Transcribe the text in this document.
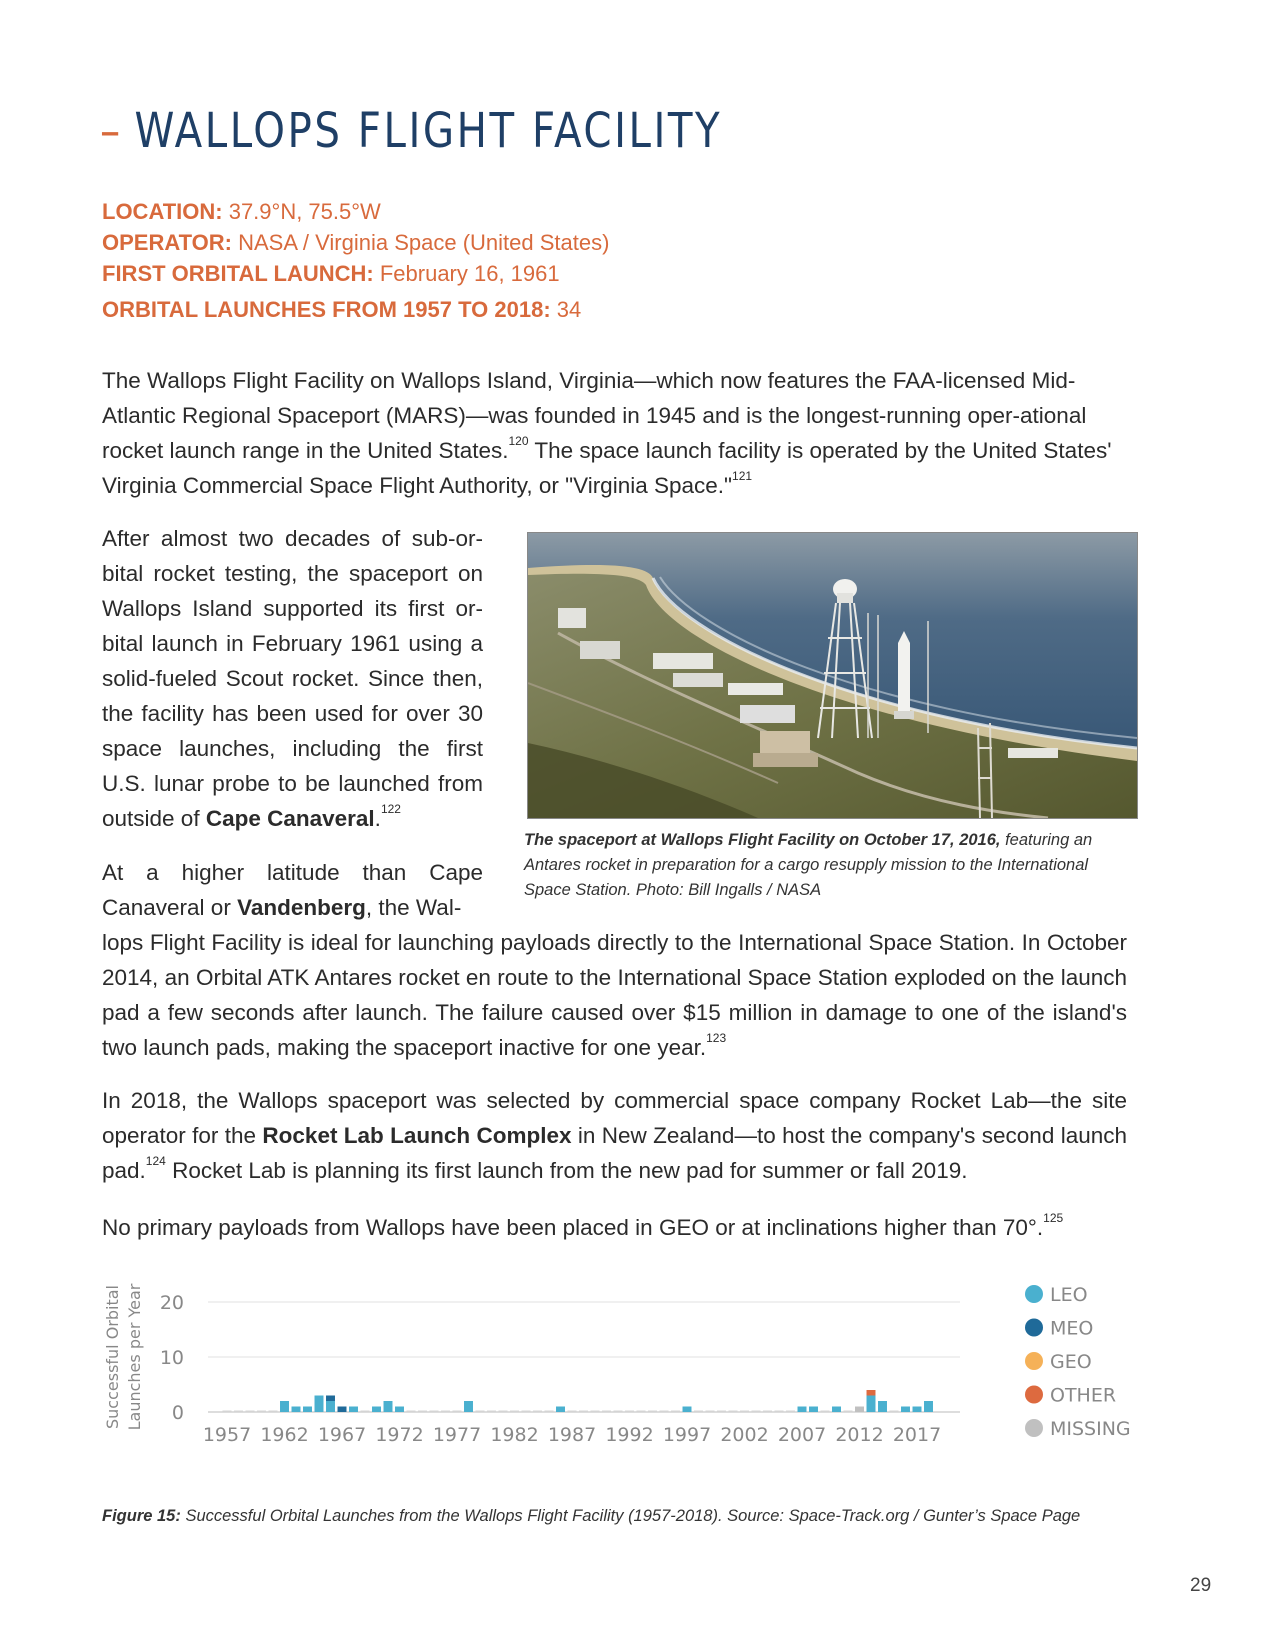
– WALLOPS FLIGHT FACILITY
LOCATION: 37.9°N, 75.5°W
OPERATOR: NASA / Virginia Space (United States)
FIRST ORBITAL LAUNCH: February 16, 1961
ORBITAL LAUNCHES FROM 1957 TO 2018: 34

The Wallops Flight Facility on Wallops Island, Virginia—which now features the FAA-licensed Mid-Atlantic Regional Spaceport (MARS)—was founded in 1945 and is the longest-running oper-ational rocket launch range in the United States.$^{120}$ The space launch facility is operated by the United States' Virginia Commercial Space Flight Authority, or "Virginia Space."$^{121}$

After almost two decades of sub-or-bital rocket testing, the spaceport on Wallops Island supported its first or-bital launch in February 1961 using a solid-fueled Scout rocket. Since then, the facility has been used for over 30 space launches, including the first U.S. lunar probe to be launched from outside of Cape Canaveral.$^{122}$

At a higher latitude than Cape Canaveral or Vandenberg, the Wal-

lops Flight Facility is ideal for launching payloads directly to the International Space Station. In October 2014, an Orbital ATK Antares rocket en route to the International Space Station exploded on the launch pad a few seconds after launch. The failure caused over $15 million in damage to one of the island's two launch pads, making the spaceport inactive for one year.$^{123}$

In 2018, the Wallops spaceport was selected by commercial space company Rocket Lab—the site operator for the Rocket Lab Launch Complex in New Zealand—to host the company's second launch pad.$^{124}$ Rocket Lab is planning its first launch from the new pad for summer or fall 2019.

No primary payloads from Wallops have been placed in GEO or at inclinations higher than 70°.$^{125}$

The spaceport at Wallops Flight Facility on October 17, 2016, featuring an Antares rocket in preparation for a cargo resupply mission to the International Space Station. Photo: Bill Ingalls / NASA

0
10
20
Successful Orbital Launches per Year
1957 1962 1967 1972 1977 1982 1987 1992 1997 2002 2007 2012 2017
LEO
MEO
GEO
OTHER
MISSING

Figure 15: Successful Orbital Launches from the Wallops Flight Facility (1957-2018). Source: Space-Track.org / Gunter’s Space Page

29
